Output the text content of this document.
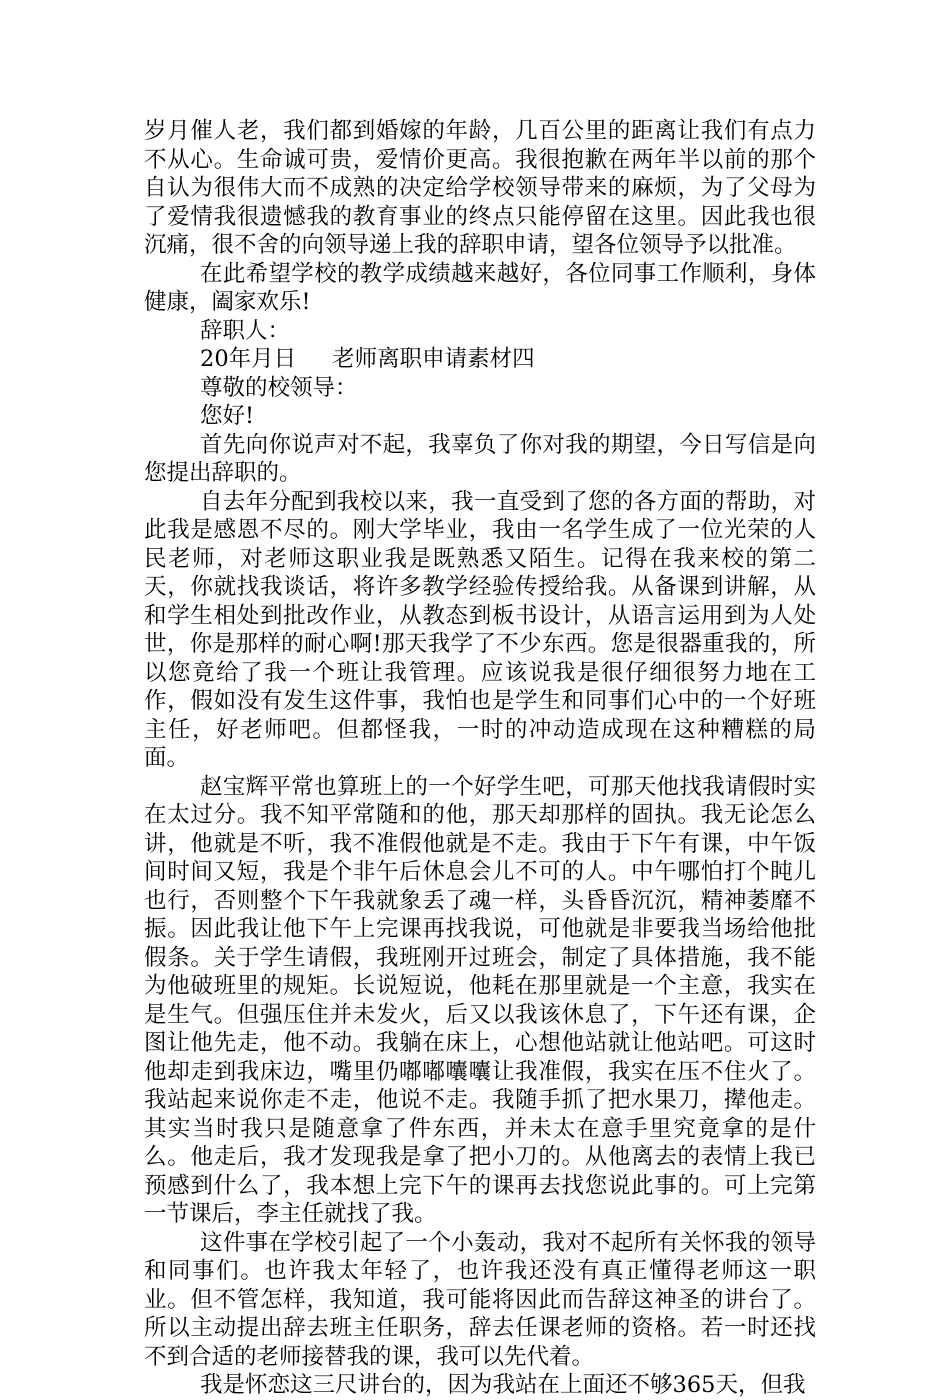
岁月催人老，我们都到婚嫁的年龄，几百公里的距离让我们有点力不从心。生命诚可贵，爱情价更高。我很抱歉在两年半以前的那个自认为很伟大而不成熟的决定给学校领导带来的麻烦，为了父母为了爱情我很遗憾我的教育事业的终点只能停留在这里。因此我也很沉痛，很不舍的向领导递上我的辞职申请，望各位领导予以批准。

在此希望学校的教学成绩越来越好，各位同事工作顺利，身体健康，阖家欢乐!

辞职人：

20年月日 老师离职申请素材四

尊敬的校领导：

您好!

首先向你说声对不起，我辜负了你对我的期望，今日写信是向您提出辞职的。

自去年分配到我校以来，我一直受到了您的各方面的帮助，对此我是感恩不尽的。刚大学毕业，我由一名学生成了一位光荣的人民老师，对老师这职业我是既熟悉又陌生。记得在我来校的第二天，你就找我谈话，将许多教学经验传授给我。从备课到讲解，从和学生相处到批改作业，从教态到板书设计，从语言运用到为人处世，你是那样的耐心啊!那天我学了不少东西。您是很器重我的，所以您竟给了我一个班让我管理。应该说我是很仔细很努力地在工作，假如没有发生这件事，我怕也是学生和同事们心中的一个好班主任，好老师吧。但都怪我，一时的冲动造成现在这种糟糕的局面。

赵宝辉平常也算班上的一个好学生吧，可那天他找我请假时实在太过分。我不知平常随和的他，那天却那样的固执。我无论怎么讲，他就是不听，我不准假他就是不走。我由于下午有课，中午饭间时间又短，我是个非午后休息会儿不可的人。中午哪怕打个盹儿也行，否则整个下午我就象丢了魂一样，头昏昏沉沉，精神萎靡不振。因此我让他下午上完课再找我说，可他就是非要我当场给他批假条。关于学生请假，我班刚开过班会，制定了具体措施，我不能为他破班里的规矩。长说短说，他耗在那里就是一个主意，我实在是生气。但强压住并未发火，后又以我该休息了，下午还有课，企图让他先走，他不动。我躺在床上，心想他站就让他站吧。可这时他却走到我床边，嘴里仍嘟嘟囔囔让我准假，我实在压不住火了。我站起来说你走不走，他说不走。我随手抓了把水果刀，撵他走。其实当时我只是随意拿了件东西，并未太在意手里究竟拿的是什么。他走后，我才发现我是拿了把小刀的。从他离去的表情上我已预感到什么了，我本想上完下午的课再去找您说此事的。可上完第一节课后，李主任就找了我。

这件事在学校引起了一个小轰动，我对不起所有关怀我的领导和同事们。也许我太年轻了，也许我还没有真正懂得老师这一职业。但不管怎样，我知道，我可能将因此而告辞这神圣的讲台了。所以主动提出辞去班主任职务，辞去任课老师的资格。若一时还找不到合适的老师接替我的课，我可以先代着。

我是怀恋这三尺讲台的，因为我站在上面还不够365天，但我
